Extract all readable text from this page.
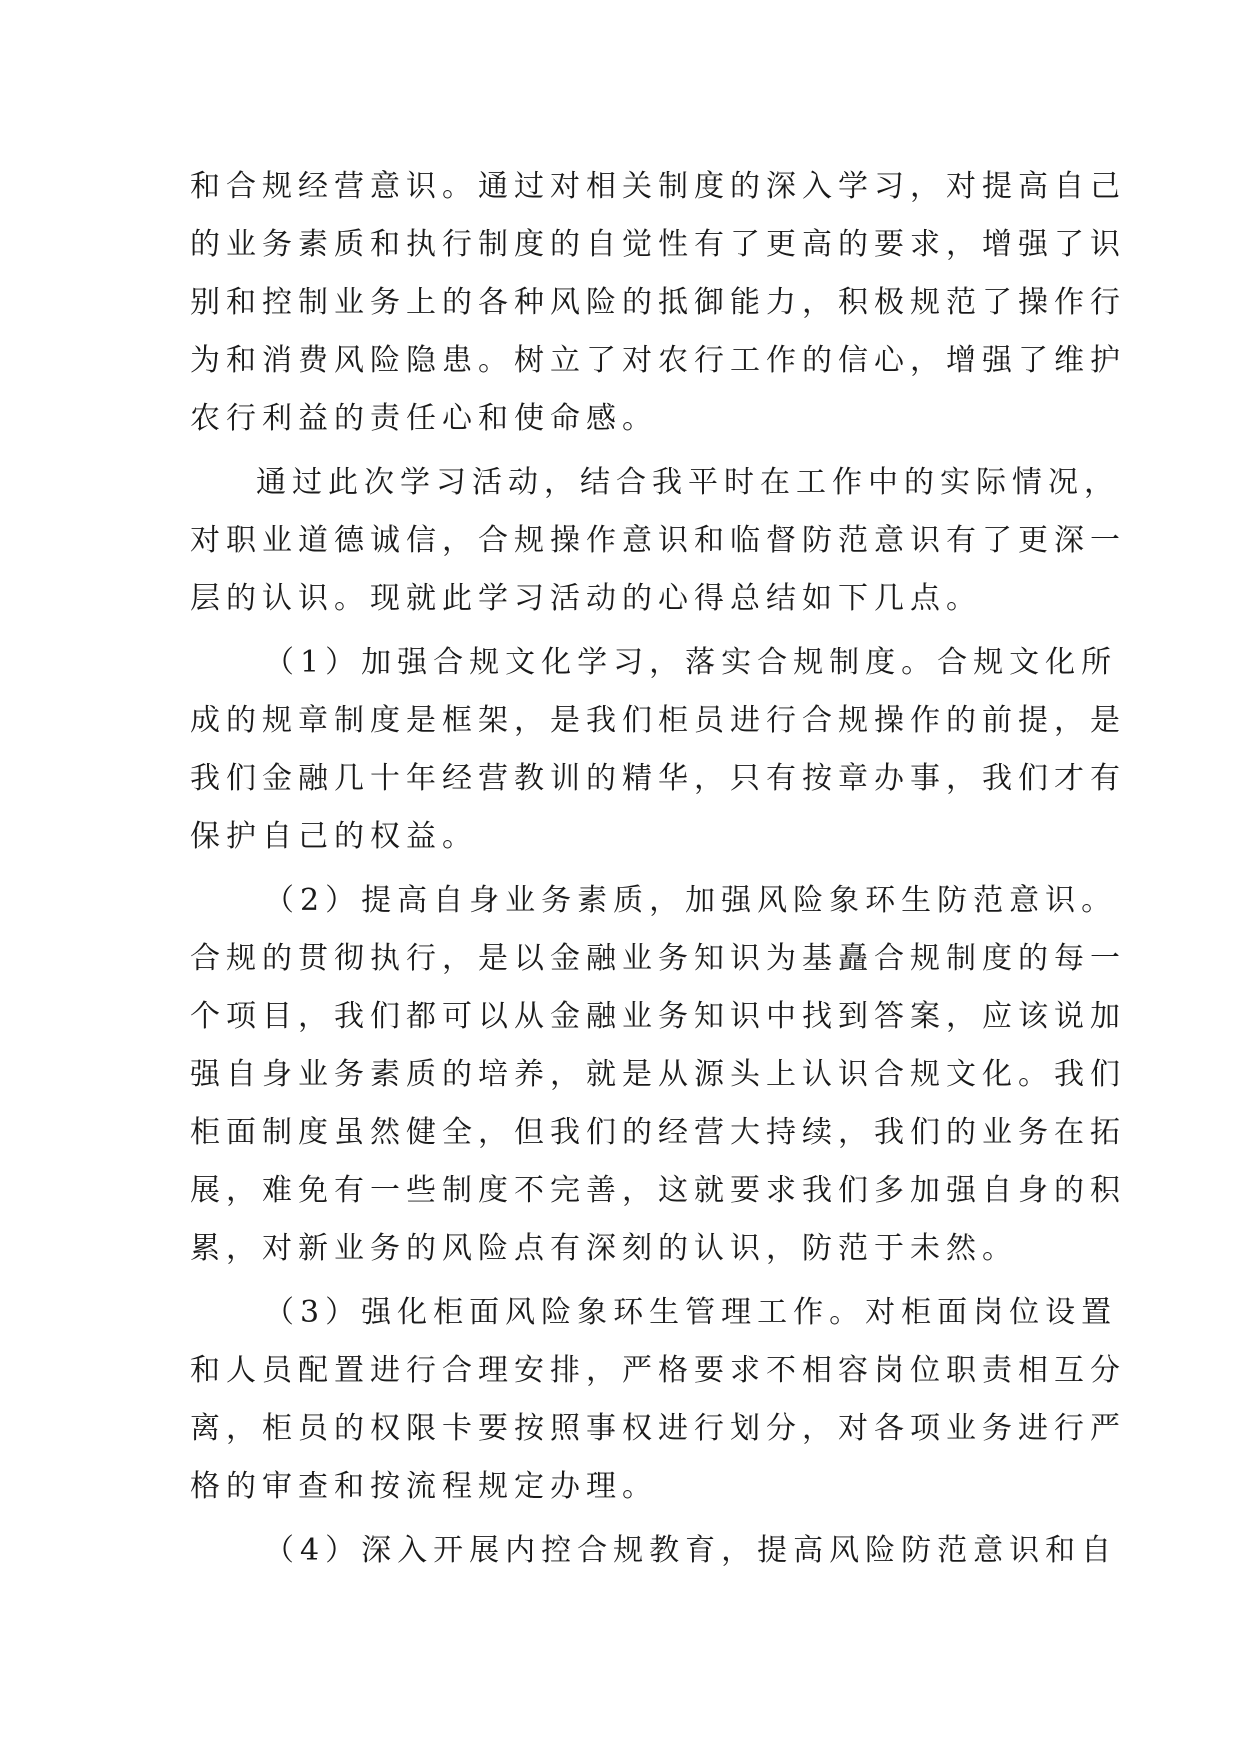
和合规经营意识。通过对相关制度的深入学习，对提高自己
的业务素质和执行制度的自觉性有了更高的要求，增强了识
别和控制业务上的各种风险的抵御能力，积极规范了操作行
为和消费风险隐患。树立了对农行工作的信心，增强了维护
农行利益的责任心和使命感。
通过此次学习活动，结合我平时在工作中的实际情况，
对职业道德诚信，合规操作意识和临督防范意识有了更深一
层的认识。现就此学习活动的心得总结如下几点。
（1）加强合规文化学习，落实合规制度。合规文化所
成的规章制度是框架，是我们柜员进行合规操作的前提，是
我们金融几十年经营教训的精华，只有按章办事，我们才有
保护自己的权益。
（2）提高自身业务素质，加强风险象环生防范意识。
合规的贯彻执行，是以金融业务知识为基矗合规制度的每一
个项目，我们都可以从金融业务知识中找到答案，应该说加
强自身业务素质的培养，就是从源头上认识合规文化。我们
柜面制度虽然健全，但我们的经营大持续，我们的业务在拓
展，难免有一些制度不完善，这就要求我们多加强自身的积
累，对新业务的风险点有深刻的认识，防范于未然。
（3）强化柜面风险象环生管理工作。对柜面岗位设置
和人员配置进行合理安排，严格要求不相容岗位职责相互分
离，柜员的权限卡要按照事权进行划分，对各项业务进行严
格的审查和按流程规定办理。
（4）深入开展内控合规教育，提高风险防范意识和自
